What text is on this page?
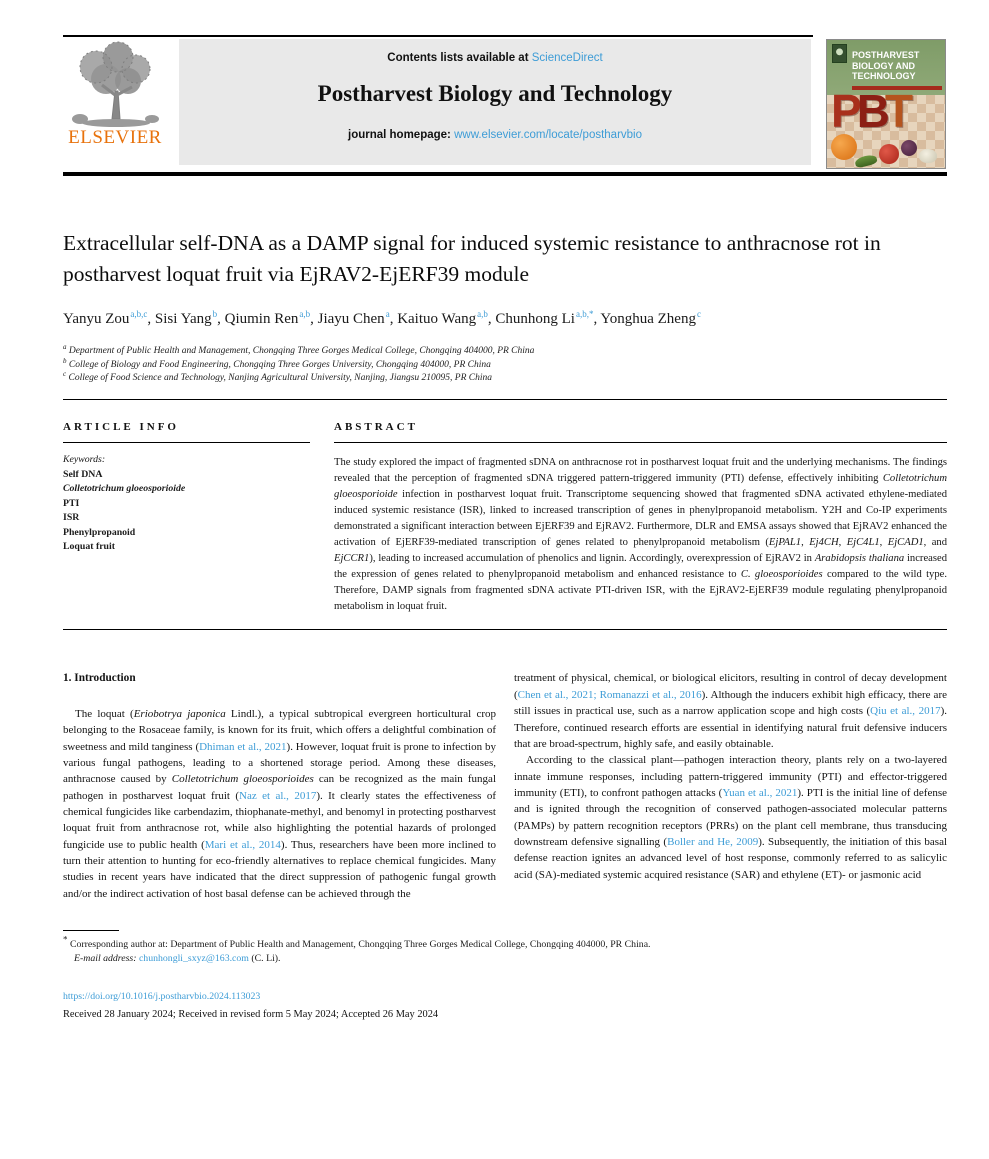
ELSEVIER
Contents lists available at ScienceDirect
Postharvest Biology and Technology
journal homepage: www.elsevier.com/locate/postharvbio
POSTHARVEST BIOLOGY AND TECHNOLOGY
PBT
Extracellular self-DNA as a DAMP signal for induced systemic resistance to anthracnose rot in postharvest loquat fruit via EjRAV2-EjERF39 module
Yanyu Zou$^{a,b,c}$, Sisi Yang$^b$, Qiumin Ren$^{a,b}$, Jiayu Chen$^a$, Kaituo Wang$^{a,b}$, Chunhong $Li^{a,b,*}$, Yonghua Zheng$^c$
$^a$ Department of Public Health and Management, Chongqing Three Gorges Medical College, Chongqing 404000, PR China
$^b$ College of Biology and Food Engineering, Chongqing Three Gorges University, Chongqing 404000, PR China
$^c$ College of Food Science and Technology, Nanjing Agricultural University, Nanjing, Jiangsu 210095, PR China
ARTICLE INFO
Keywords:
Self DNA
Colletotrichum gloeosporioide
PTI
ISR
Phenylpropanoid
Loquat fruit
ABSTRACT

The study explored the impact of fragmented sDNA on anthracnose rot in postharvest loquat fruit and the underlying mechanisms. The findings revealed that the perception of fragmented sDNA triggered pattern-triggered immunity (PTI) defense, effectively inhibiting Colletotrichum gloeosporioide infection in postharvest loquat fruit. Transcriptome sequencing showed that fragmented sDNA activated ethylene-mediated induced systemic resistance (ISR), linked to increased transcription of genes in phenylpropanoid metabolism. Y2H and Co-IP experiments demonstrated a significant interaction between EjERF39 and EjRAV2. Furthermore, DLR and EMSA assays showed that EjRAV2 enhanced the activation of EjERF39-mediated transcription of genes related to phenylpropanoid metabolism (EjPAL1, Ej4CH, EjC4L1, EjCAD1, and EjCCR1), leading to increased accumulation of phenolics and lignin. Accordingly, overexpression of EjRAV2 in Arabidopsis thaliana increased the expression of genes related to phenylpropanoid metabolism and enhanced resistance to C. gloeosporioides compared to the wild type. Therefore, DAMP signals from fragmented sDNA activate PTI-driven ISR, with the EjRAV2-EjERF39 module regulating phenylpropanoid metabolism in loquat fruit.

1. Introduction

The loquat (Eriobotrya japonica Lindl.), a typical subtropical evergreen horticultural crop belonging to the Rosaceae family, is known for its fruit, which offers a delightful combination of sweetness and mild tanginess (Dhiman et al., 2021). However, loquat fruit is prone to infection by various fungal pathogens, leading to a shortened storage period. Among these diseases, anthracnose caused by Colletotrichum gloeosporioides can be recognized as the main fungal pathogen in postharvest loquat fruit (Naz et al., 2017). It clearly states the effectiveness of chemical fungicides like carbendazim, thiophanate-methyl, and benomyl in protecting postharvest loquat fruit from anthracnose rot, while also highlighting the potential hazards of prolonged fungicide use to public health (Mari et al., 2014). Thus, researchers have been more inclined to turn their attention to hunting for eco-friendly alternatives to replace chemical fungicides. Many studies in recent years have indicated that the direct suppression of pathogenic fungal growth and/or the indirect activation of host basal defense can be achieved through the

treatment of physical, chemical, or biological elicitors, resulting in control of decay development (Chen et al., 2021; Romanazzi et al., 2016). Although the inducers exhibit high efficacy, there are still issues in practical use, such as a narrow application scope and high costs (Qiu et al., 2017). Therefore, continued research efforts are essential in identifying natural fruit defensive inducers that are broad-spectrum, highly safe, and easily obtainable.

According to the classical plant—pathogen interaction theory, plants rely on a two-layered innate immune responses, including pattern-triggered immunity (PTI) and effector-triggered immunity (ETI), to confront pathogen attacks (Yuan et al., 2021). PTI is the initial line of defense and is ignited through the recognition of conserved pathogen-associated molecular patterns (PAMPs) by pattern recognition receptors (PRRs) on the plant cell membrane, thus transducing downstream defensive signalling (Boller and He, 2009). Subsequently, the initiation of this basal defense reaction ignites an advanced level of host response, commonly referred to as salicylic acid (SA)-mediated systemic acquired resistance (SAR) and ethylene (ET)- or jasmonic acid

* Corresponding author at: Department of Public Health and Management, Chongqing Three Gorges Medical College, Chongqing 404000, PR China.

E-mail address: chunhongli_sxyz@163.com (C. Li).

https://doi.org/10.1016/j.postharvbio.2024.113023
Received 28 January 2024; Received in revised form 5 May 2024; Accepted 26 May 2024
